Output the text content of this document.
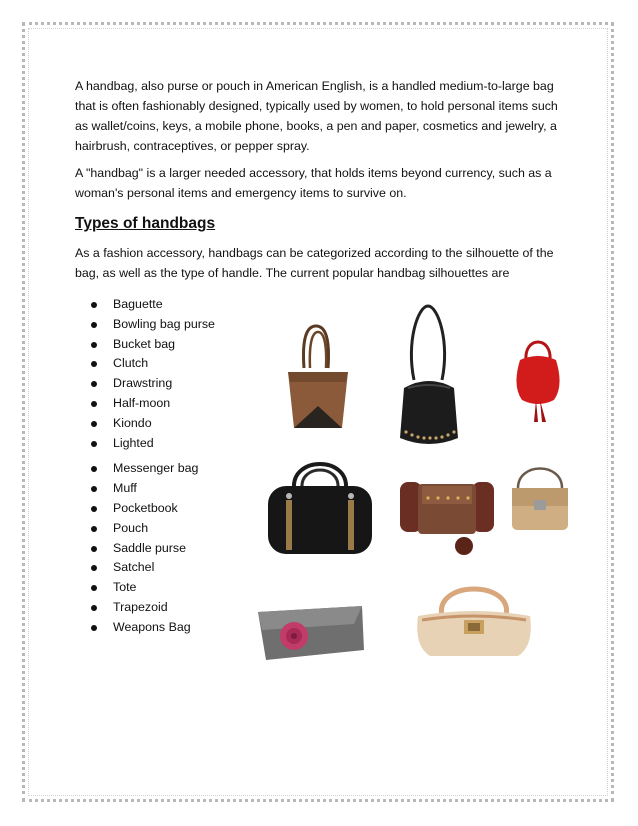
A handbag, also purse or pouch in American English, is a handled medium-to-large bag that is often fashionably designed, typically used by women, to hold personal items such as wallet/coins, keys, a mobile phone, books, a pen and paper, cosmetics and jewelry, a hairbrush, contraceptives, or pepper spray.

A "handbag" is a larger needed accessory, that holds items beyond currency, such as a woman's personal items and emergency items to survive on.

Types of handbags

As a fashion accessory, handbags can be categorized according to the silhouette of the bag, as well as the type of handle. The current popular handbag silhouettes are

Baguette
Bowling bag purse
Bucket bag
Clutch
Drawstring
Half-moon
Kiondo
Lighted
Messenger bag
Muff
Pocketbook
Pouch
Saddle purse
Satchel
Tote
Trapezoid
Weapons Bag
